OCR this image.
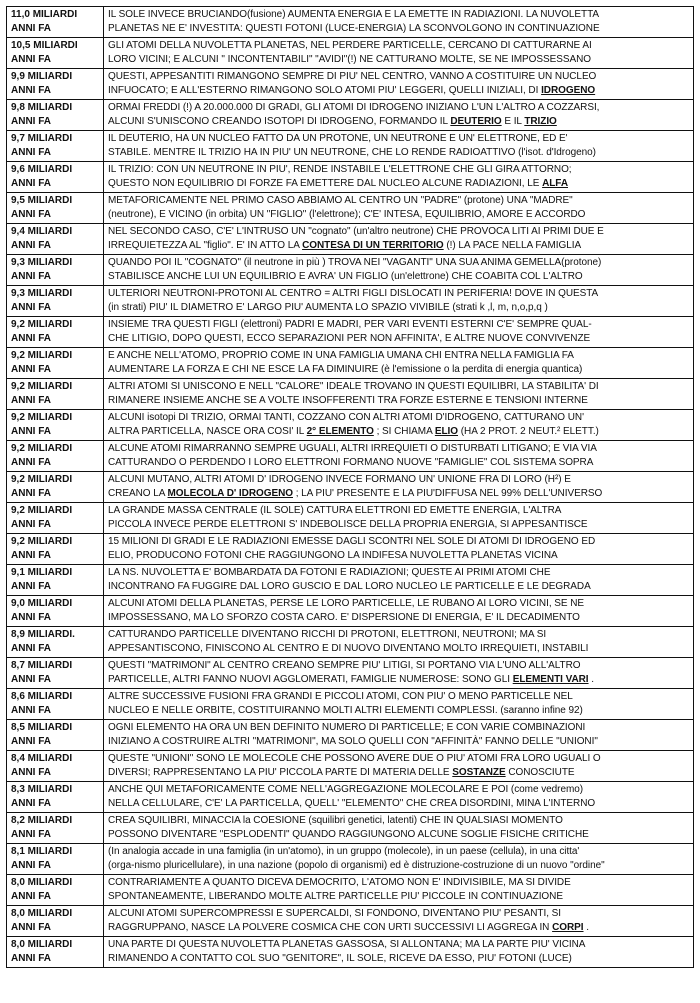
11,0 MILIARDI
ANNI FA	IL SOLE INVECE BRUCIANDO(fusione) AUMENTA ENERGIA E LA EMETTE IN RADIAZIONI. LA NUVOLETTA
PLANETAS NE E' INVESTITA: QUESTI FOTONI (LUCE-ENERGIA) LA SCONVOLGONO IN CONTINUAZIONE

10,5 MILIARDI
ANNI FA	GLI ATOMI DELLA NUVOLETTA PLANETAS, NEL PERDERE PARTICELLE, CERCANO DI CATTURARNE AI
LORO VICINI; E ALCUNI " INCONTENTABILI" "AVIDI"(!) NE CATTURANO MOLTE, SE NE IMPOSSESSANO

9,9 MILIARDI
ANNI FA	QUESTI, APPESANTITI RIMANGONO SEMPRE DI PIU' NEL CENTRO, VANNO A COSTITUIRE UN NUCLEO
INFUOCATO; E ALL'ESTERNO RIMANGONO SOLO ATOMI PIU' LEGGERI, QUELLI INIZIALI, DI IDROGENO

9,8 MILIARDI
ANNI FA	ORMAI FREDDI (!) A 20.000.000 DI GRADI, GLI ATOMI DI IDROGENO INIZIANO L'UN L'ALTRO A COZZARSI,
ALCUNI S'UNISCONO CREANDO ISOTOPI DI IDROGENO, FORMANDO IL DEUTERIO E IL TRIZIO

9,7 MILIARDI
ANNI FA	IL DEUTERIO, HA UN NUCLEO FATTO DA UN PROTONE, UN NEUTRONE E UN' ELETTRONE, ED E'
STABILE. MENTRE IL TRIZIO HA IN PIU' UN NEUTRONE, CHE LO RENDE RADIOATTIVO (l'isot. d'Idrogeno)

9,6 MILIARDI
ANNI FA	IL TRIZIO: CON UN NEUTRONE IN PIU', RENDE INSTABILE L'ELETTRONE CHE GLI GIRA ATTORNO;
QUESTO NON EQUILIBRIO DI FORZE FA EMETTERE DAL NUCLEO ALCUNE RADIAZIONI, LE ALFA

9,5 MILIARDI
ANNI FA	METAFORICAMENTE NEL PRIMO CASO ABBIAMO AL CENTRO UN "PADRE" (protone) UNA "MADRE"
(neutrone), E VICINO (in orbita) UN "FIGLIO" (l'elettrone); C'E' INTESA, EQUILIBRIO, AMORE E ACCORDO

9,4 MILIARDI
ANNI FA	NEL SECONDO CASO, C'E' L'INTRUSO UN "cognato" (un'altro neutrone) CHE PROVOCA LITI AI PRIMI DUE E
IRREQUIETEZZA AL "figlio". E' IN ATTO LA CONTESA DI UN TERRITORIO (!) LA PACE NELLA FAMIGLIA

9,3 MILIARDI
ANNI FA	QUANDO POI IL "COGNATO" (il neutrone in più ) TROVA NEI "VAGANTI" UNA SUA ANIMA GEMELLA(protone)
STABILISCE ANCHE LUI UN EQUILIBRIO E AVRA' UN FIGLIO (un'elettrone) CHE COABITA COL L'ALTRO

9,3 MILIARDI
ANNI FA	ULTERIORI NEUTRONI-PROTONI AL CENTRO = ALTRI FIGLI DISLOCATI IN PERIFERIA! DOVE IN QUESTA
(in strati) PIU' IL DIAMETRO E' LARGO PIU' AUMENTA LO SPAZIO VIVIBILE (strati k ,l, m, n,o,p,q )

9,2 MILIARDI
ANNI FA	INSIEME TRA QUESTI FIGLI (elettroni) PADRI E MADRI, PER VARI EVENTI ESTERNI C'E' SEMPRE QUAL-
CHE LITIGIO, DOPO QUESTI, ECCO SEPARAZIONI PER NON AFFINITA', E ALTRE NUOVE CONVIVENZE

9,2 MILIARDI
ANNI FA	E ANCHE NELL'ATOMO, PROPRIO COME IN UNA FAMIGLIA UMANA CHI ENTRA NELLA FAMIGLIA FA
AUMENTARE LA FORZA E CHI NE ESCE LA FA DIMINUIRE (è l'emissione o la perdita di energia quantica)

9,2 MILIARDI
ANNI FA	ALTRI ATOMI SI UNISCONO E NELL "CALORE" IDEALE TROVANO IN QUESTI EQUILIBRI, LA STABILITA' DI
RIMANERE INSIEME ANCHE SE A VOLTE INSOFFERENTI TRA FORZE ESTERNE E TENSIONI INTERNE

9,2 MILIARDI
ANNI FA	ALCUNI isotopi DI TRIZIO, ORMAI TANTI, COZZANO CON ALTRI ATOMI D'IDROGENO, CATTURANO UN'
ALTRA PARTICELLA, NASCE ORA COSI' IL 2° ELEMENTO ; SI CHIAMA ELIO (HA 2 PROT. 2 NEUT.² ELETT.)

9,2 MILIARDI
ANNI FA	ALCUNE ATOMI RIMARRANNO SEMPRE UGUALI, ALTRI IRREQUIETI O DISTURBATI LITIGANO; E VIA VIA
CATTURANDO O PERDENDO I LORO ELETTRONI FORMANO NUOVE "FAMIGLIE" COL SISTEMA SOPRA

9,2 MILIARDI
ANNI FA	ALCUNI MUTANO, ALTRI ATOMI D' IDROGENO INVECE FORMANO UN' UNIONE FRA DI LORO (H²) E
CREANO LA MOLECOLA D' IDROGENO ; LA PIU' PRESENTE E LA PIU'DIFFUSA NEL 99% DELL'UNIVERSO

9,2 MILIARDI
ANNI FA	LA GRANDE MASSA CENTRALE (IL SOLE) CATTURA ELETTRONI ED EMETTE ENERGIA, L'ALTRA
PICCOLA INVECE PERDE ELETTRONI S' INDEBOLISCE DELLA PROPRIA ENERGIA, SI APPESANTISCE

9,2 MILIARDI
ANNI FA	15 MILIONI DI GRADI E LE RADIAZIONI EMESSE DAGLI SCONTRI NEL SOLE DI ATOMI DI IDROGENO ED
ELIO, PRODUCONO FOTONI CHE RAGGIUNGONO LA INDIFESA NUVOLETTA PLANETAS VICINA

9,1 MILIARDI
ANNI FA	LA NS. NUVOLETTA E' BOMBARDATA DA FOTONI E RADIAZIONI; QUESTE AI PRIMI ATOMI CHE
INCONTRANO FA FUGGIRE DAL LORO GUSCIO E DAL LORO NUCLEO LE PARTICELLE E LE DEGRADA

9,0 MILIARDI
ANNI FA	ALCUNI ATOMI DELLA PLANETAS, PERSE LE LORO PARTICELLE, LE RUBANO AI LORO VICINI, SE NE
IMPOSSESSANO, MA LO SFORZO COSTA CARO. E' DISPERSIONE DI ENERGIA, E' IL DECADIMENTO

8,9 MILIARDI.
ANNI FA	CATTURANDO PARTICELLE DIVENTANO RICCHI DI PROTONI, ELETTRONI, NEUTRONI; MA SI
APPESANTISCONO, FINISCONO AL CENTRO E DI NUOVO DIVENTANO MOLTO IRREQUIETI, INSTABILI

8,7 MILIARDI
ANNI FA	QUESTI "MATRIMONI" AL CENTRO CREANO SEMPRE PIU' LITIGI, SI PORTANO VIA L'UNO ALL'ALTRO
PARTICELLE, ALTRI FANNO NUOVI AGGLOMERATI, FAMIGLIE NUMEROSE: SONO GLI ELEMENTI VARI .

8,6 MILIARDI
ANNI FA	ALTRE SUCCESSIVE FUSIONI FRA GRANDI E PICCOLI ATOMI, CON PIU' O MENO PARTICELLE NEL
NUCLEO E NELLE ORBITE, COSTITUIRANNO MOLTI ALTRI ELEMENTI COMPLESSI. (saranno infine 92)

8,5 MILIARDI
ANNI FA	OGNI ELEMENTO HA ORA UN BEN DEFINITO NUMERO DI PARTICELLE; E CON VARIE COMBINAZIONI
INIZIANO A COSTRUIRE ALTRI "MATRIMONI", MA SOLO QUELLI CON "AFFINITÀ" FANNO DELLE "UNIONI"

8,4 MILIARDI
ANNI FA	QUESTE "UNIONI" SONO LE MOLECOLE CHE POSSONO AVERE DUE O PIU' ATOMI FRA LORO UGUALI O
DIVERSI; RAPPRESENTANO LA PIU' PICCOLA PARTE DI MATERIA DELLE SOSTANZE CONOSCIUTE

8,3 MILIARDI
ANNI FA	ANCHE QUI METAFORICAMENTE COME NELL'AGGREGAZIONE MOLECOLARE E POI (come vedremo)
NELLA CELLULARE, C'E' LA PARTICELLA, QUELL' "ELEMENTO" CHE CREA DISORDINI, MINA L'INTERNO

8,2 MILIARDI
ANNI FA	CREA SQUILIBRI, MINACCIA la COESIONE (squilibri genetici, latenti) CHE IN QUALSIASI MOMENTO
POSSONO DIVENTARE "ESPLODENTI" QUANDO RAGGIUNGONO ALCUNE SOGLIE FISICHE CRITICHE

8,1 MILIARDI
ANNI FA	(In analogia accade in una famiglia (in un'atomo), in un gruppo (molecole), in un paese (cellula), in una citta'
(orga-nismo pluricellulare), in una nazione (popolo di organismi) ed è distruzione-costruzione di un nuovo "ordine"

8,0 MILIARDI
ANNI FA	CONTRARIAMENTE A QUANTO DICEVA DEMOCRITO, L'ATOMO NON E' INDIVISIBILE, MA SI DIVIDE
SPONTANEAMENTE, LIBERANDO MOLTE ALTRE PARTICELLE PIU' PICCOLE IN CONTINUAZIONE

8,0 MILIARDI
ANNI FA	ALCUNI ATOMI SUPERCOMPRESSI E SUPERCALDI, SI FONDONO, DIVENTANO PIU' PESANTI, SI
RAGGRUPPANO, NASCE LA POLVERE COSMICA CHE CON URTI SUCCESSIVI LI AGGREGA IN CORPI .

8,0 MILIARDI
ANNI FA	UNA PARTE DI QUESTA NUVOLETTA PLANETAS GASSOSA, SI ALLONTANA; MA LA PARTE PIU' VICINA
RIMANENDO A CONTATTO COL SUO "GENITORE", IL SOLE, RICEVE DA ESSO, PIU' FOTONI (LUCE)
